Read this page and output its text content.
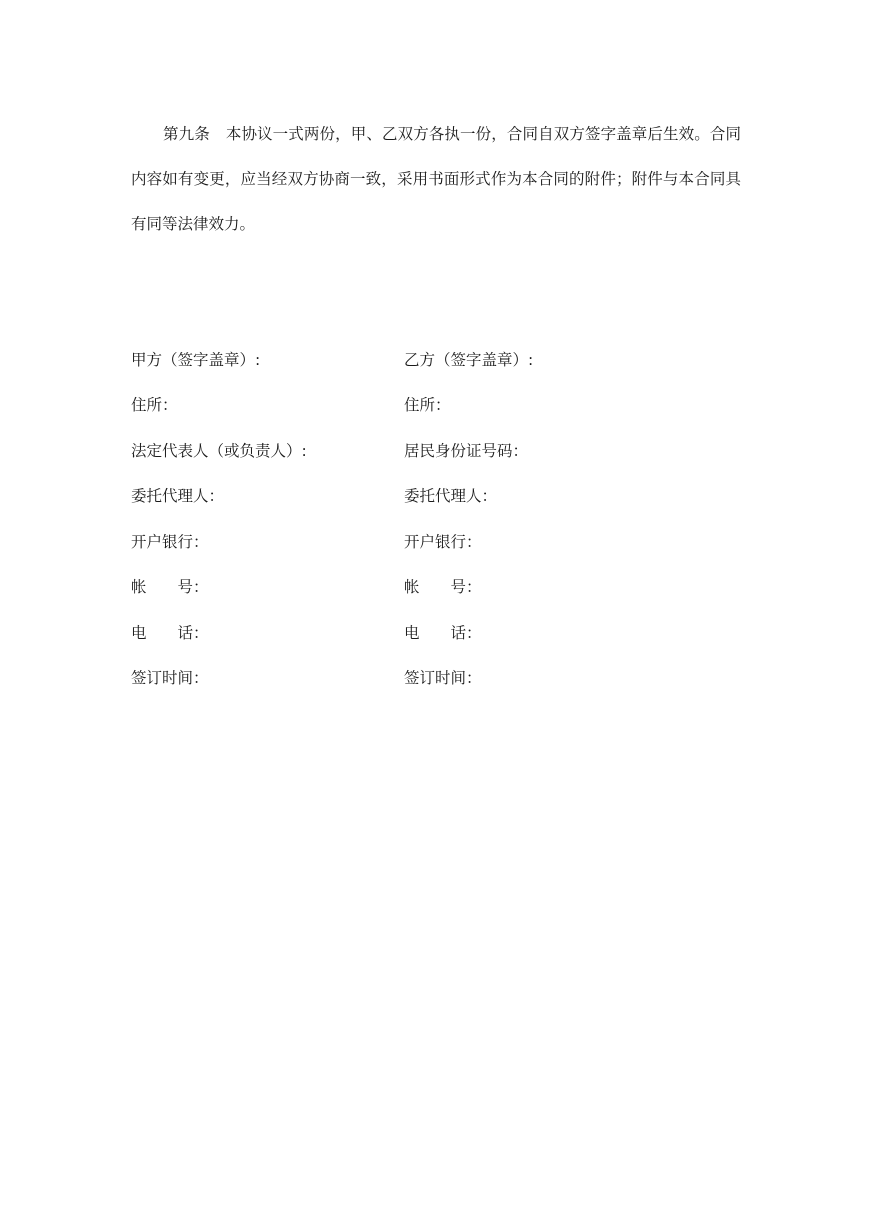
第九条 本协议一式两份，甲、乙双方各执一份，合同自双方签字盖章后生效。合同内容如有变更，应当经双方协商一致，采用书面形式作为本合同的附件；附件与本合同具有同等法律效力。

甲方（签字盖章）:	乙方（签字盖章）:
住所：	住所：
法定代表人（或负责人）:	居民身份证号码：
委托代理人：	委托代理人：
开户银行：	开户银行：
帐　　号：	帐　　号：
电　　话：	电　　话：
签订时间：	签订时间：
